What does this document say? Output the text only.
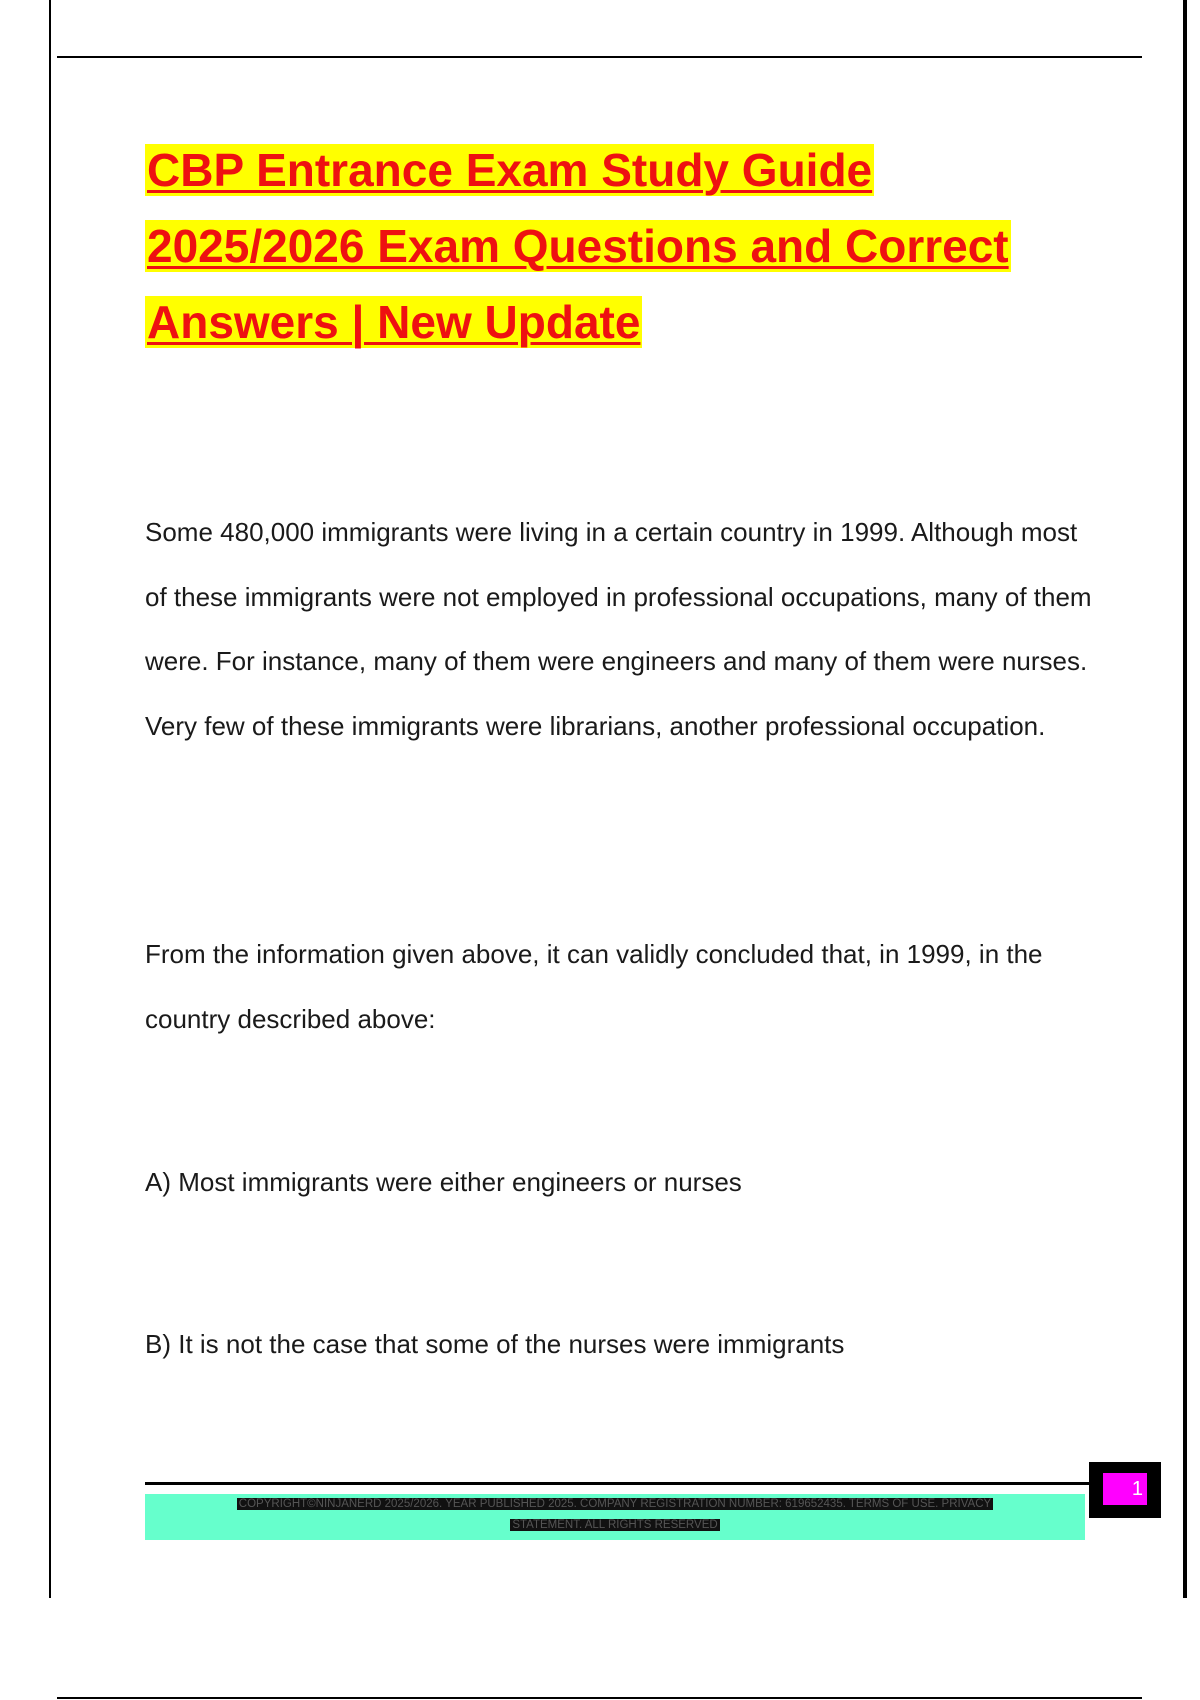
CBP Entrance Exam Study Guide
2025/2026 Exam Questions and Correct
Answers | New Update

Some 480,000 immigrants were living in a certain country in 1999. Although most of these immigrants were not employed in professional occupations, many of them were. For instance, many of them were engineers and many of them were nurses. Very few of these immigrants were librarians, another professional occupation.

From the information given above, it can validly concluded that, in 1999, in the country described above:

A) Most immigrants were either engineers or nurses

B) It is not the case that some of the nurses were immigrants

COPYRIGHT©NINJANERD 2025/2026. YEAR PUBLISHED 2025. COMPANY REGISTRATION NUMBER: 619652435. TERMS OF USE. PRIVACY
STATEMENT. ALL RIGHTS RESERVED
1
